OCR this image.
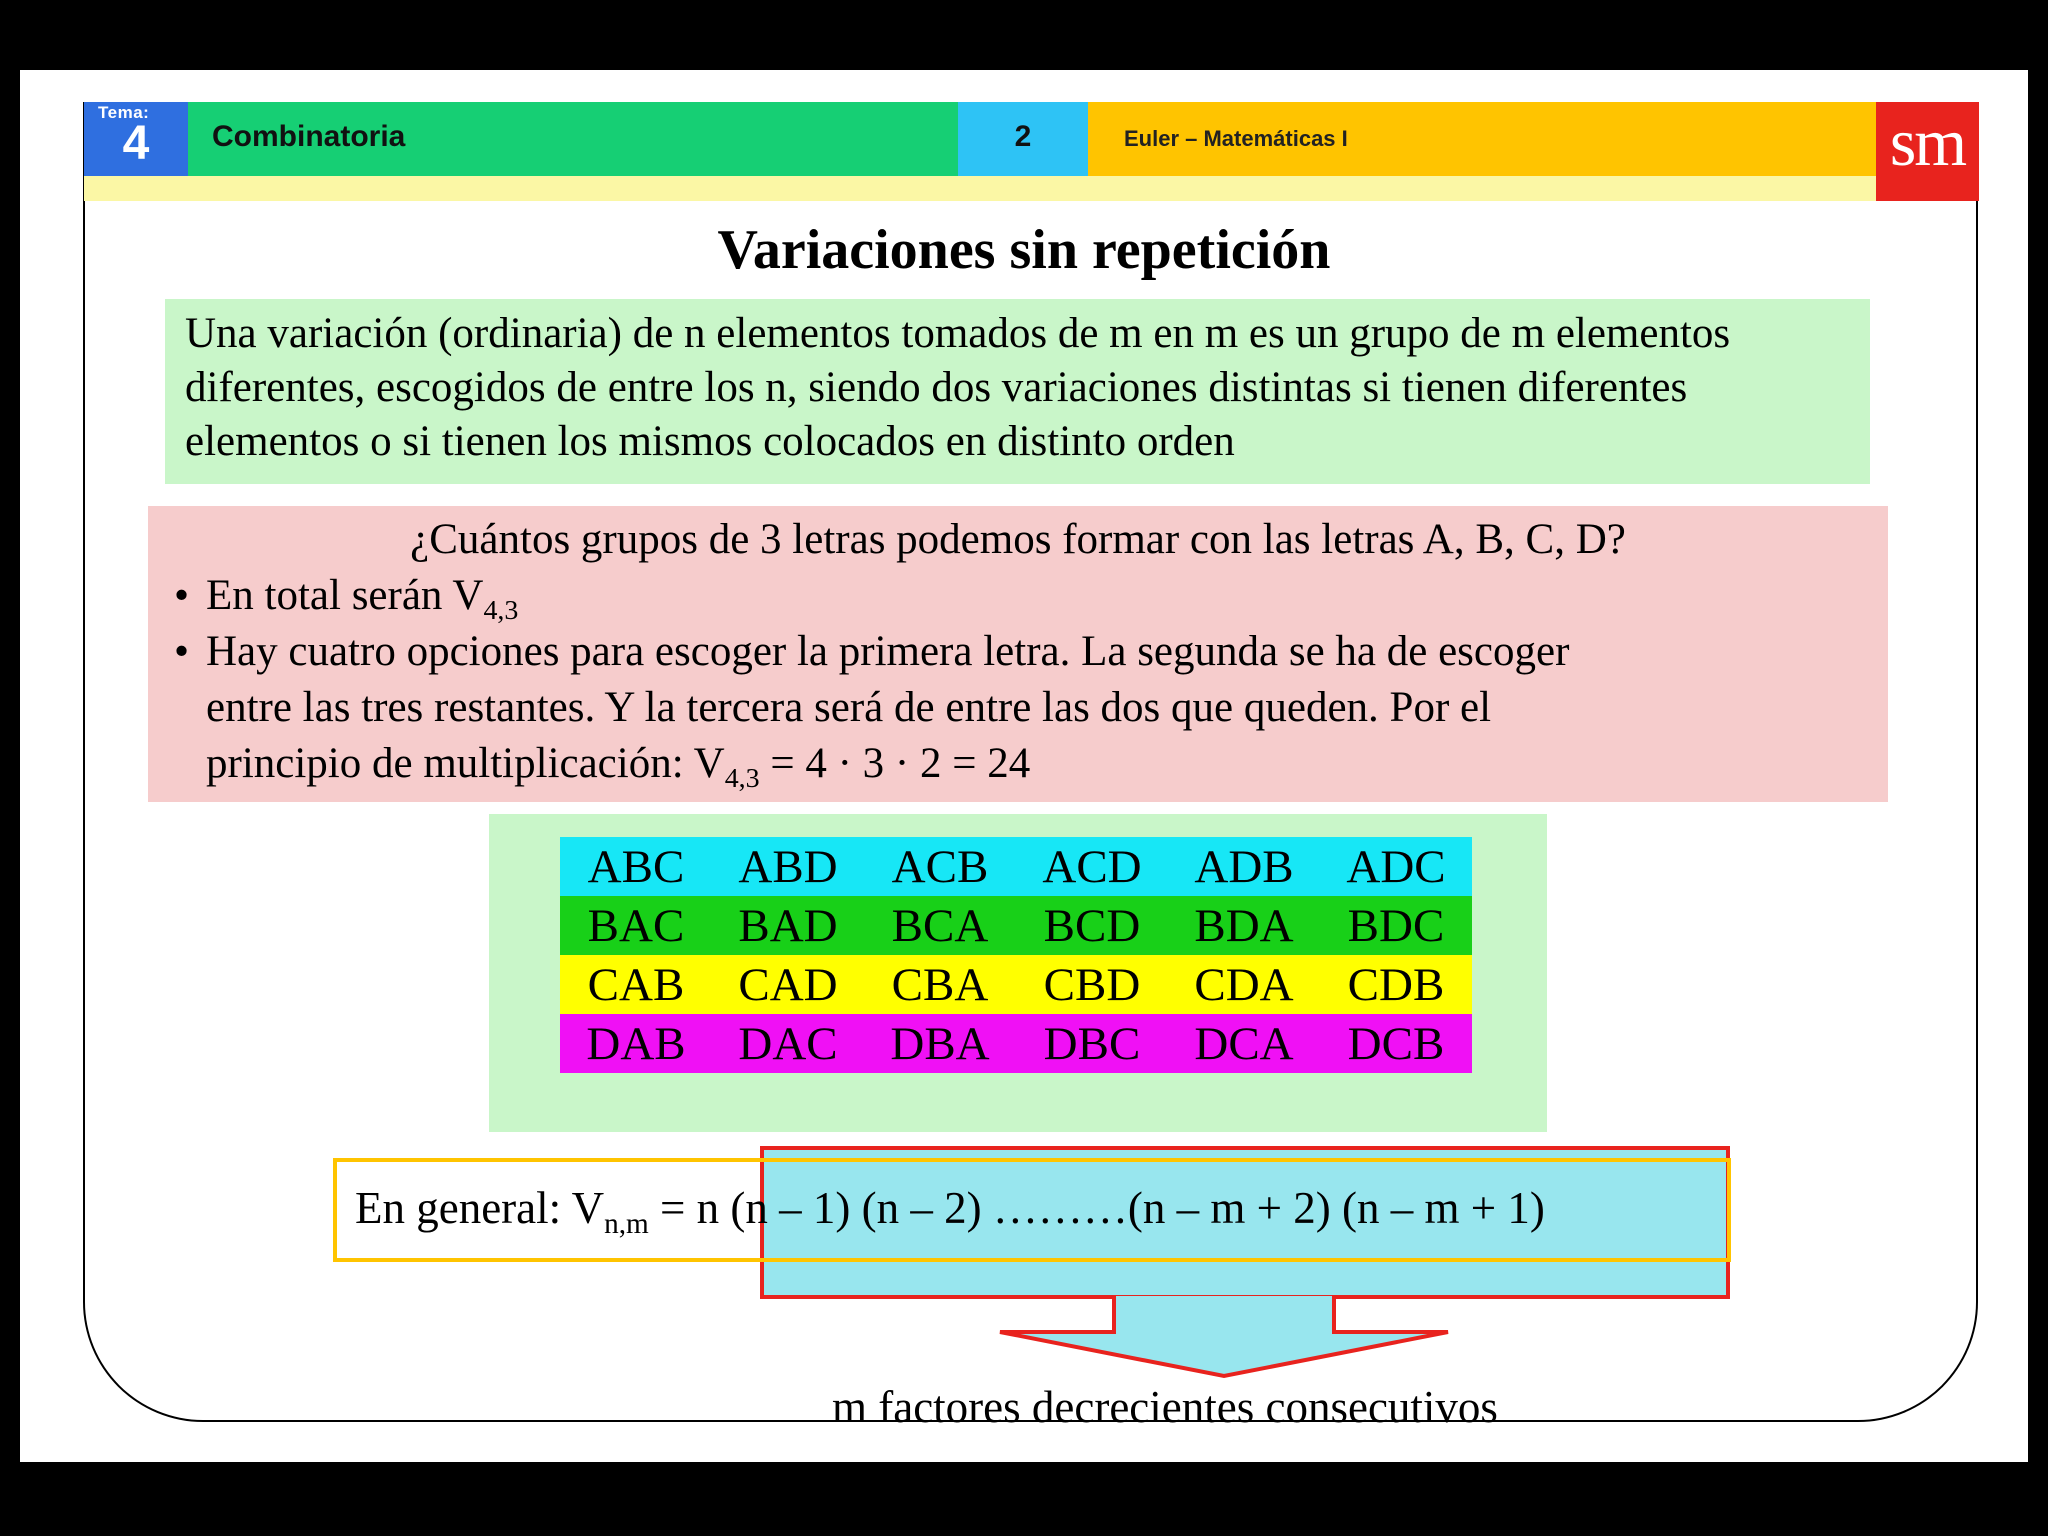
Tema:
4	Combinatoria	2	Euler – Matemáticas I	sm
Variaciones sin repetición
Una variación (ordinaria) de n elementos tomados de m en m es un grupo de m elementos diferentes, escogidos de entre los n, siendo dos variaciones distintas si tienen diferentes elementos o si tienen los mismos colocados en distinto orden
¿Cuántos grupos de 3 letras podemos formar con las letras A, B, C, D?
• En total serán $V_{4,3}$
• Hay cuatro opciones para escoger la primera letra. La segunda se ha de escoger
entre las tres restantes. Y la tercera será de entre las dos que queden. Por el
principio de multiplicación: $V_{4,3} = 4 \cdot 3 \cdot 2 = 24$
ABC	ABD	ACB	ACD	ADB	ADC
BAC	BAD	BCA	BCD	BDA	BDC
CAB	CAD	CBA	CBD	CDA	CDB
DAB	DAC	DBA	DBC	DCA	DCB
En general: $V_{n,m} = n$ (n – 1) (n – 2) ………(n – m + 2) (n – m + 1)
m factores decrecientes consecutivos
